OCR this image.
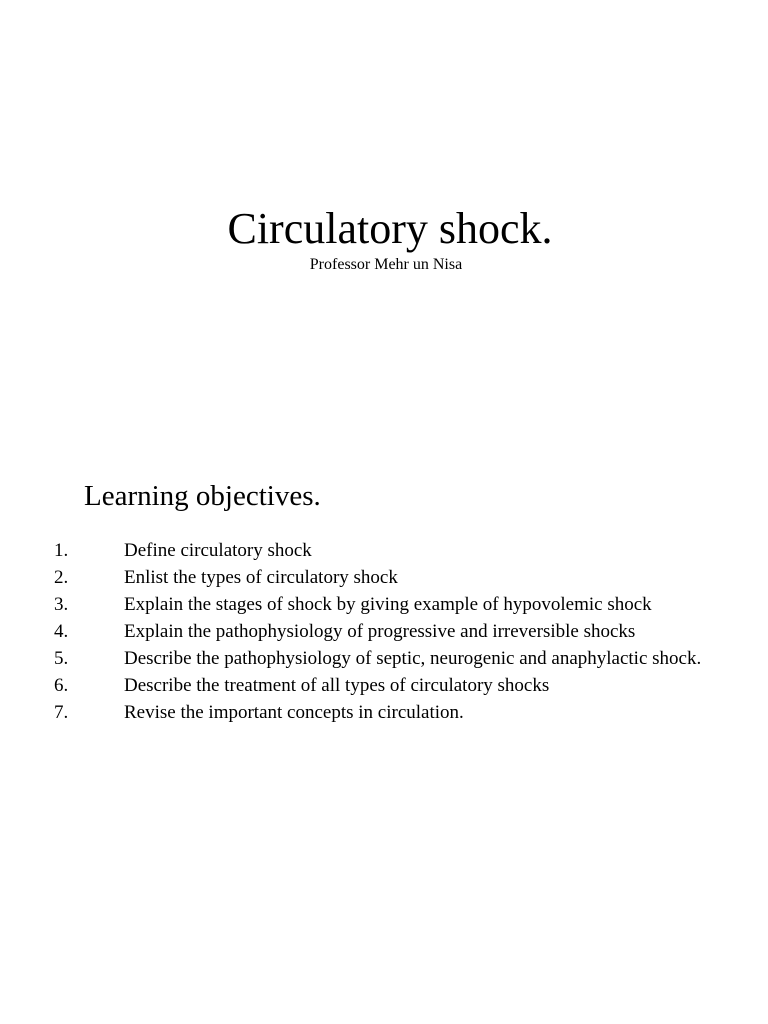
Circulatory shock.
Professor Mehr un Nisa
Learning objectives.
1.	Define circulatory shock
2.	Enlist the types of circulatory shock
3.	Explain the stages of shock by giving example of hypovolemic shock
4.	Explain the pathophysiology of progressive and irreversible shocks
5.	Describe the pathophysiology of septic, neurogenic and anaphylactic shock.
6.	Describe the treatment of all types of circulatory shocks
7.	Revise the important concepts in circulation.
